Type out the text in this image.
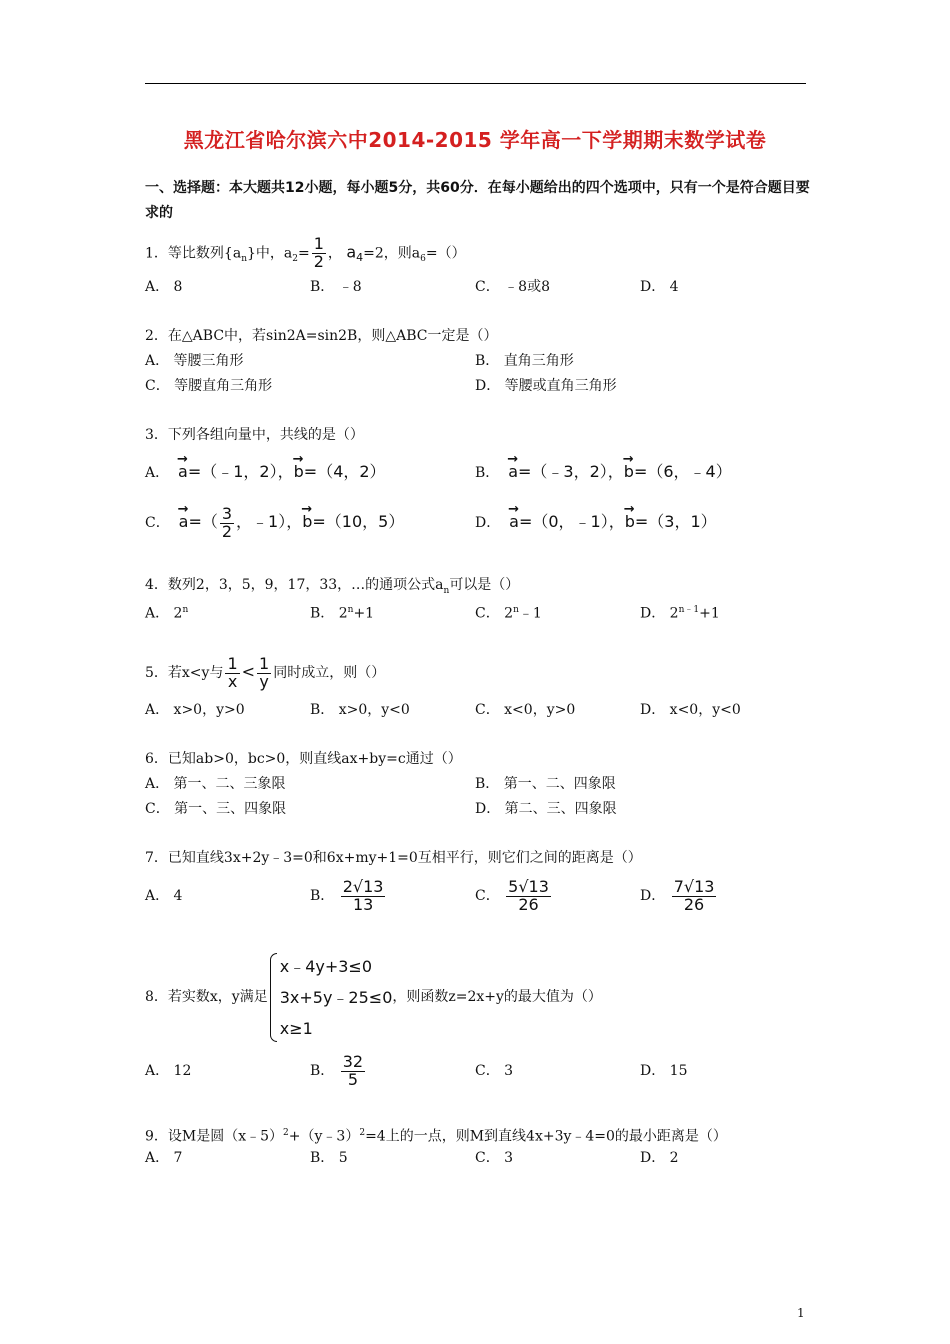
黑龙江省哈尔滨六中2014-2015 学年高一下学期期末数学试卷
一、选择题：本大题共12小题，每小题5分，共60分．在每小题给出的四个选项中，只有一个是符合题目要求的
1．等比数列$\{a_n\}$中，$a_2= \frac{1}{2}$ ， $a_4=2$，则$a_6=()$
A． 8	B． ﹣8	C． ﹣8或8	D． 4
2．在△ABC中，若sin2A=sin2B，则△ABC一定是（）
A． 等腰三角形	B． 直角三角形
C． 等腰直角三角形	D． 等腰或直角三角形
3．下列各组向量中，共线的是（）
A． → a=（﹣1，2），→ b=（4，2）	B． → a=（﹣3，2），→ b=（6，﹣4）
C． → $a=( \frac{3}{2}$ ，﹣1），→ b=（10，5）	D． → a=（0，﹣1），→ b=（3，1）
4．数列2，3，5，9，17，33，…的通项公式$a_n$可以是（）
A． 2$^n$	B． $2^n+1$	C． 2$^n$﹣1	D． $2^{n﹣1}+1$
5．若x<y与 $\frac{1}{x} < \frac{1}{y}$ 同时成立，则（）
A． x>0，y>0	B． x>0，y<0	C． x<0，y>0	D． x<0，y<0
6．已知ab>0，bc>0，则直线ax+by=c通过（）
A． 第一、二、三象限	B． 第一、二、四象限
C． 第一、三、四象限	D． 第二、三、四象限
7．已知直线3x+2y﹣3=0和6x+my+1=0互相平行，则它们之间的距离是（）
A． 4	B． $\frac{2√13}{13}$	C． $\frac{5√13}{26}$	D． $\frac{7√13}{26}$
8．若实数x，y满足
x﹣4y+3≤0
3x+5y﹣25≤0
x≥1
，则函数z=2x+y的最大值为（）
A． 12	B． $\frac{32}{5}$	C． 3	D． 15
9．设M是圆（x﹣5）$^2$+（y﹣3）$^2$=4上的一点，则M到直线4x+3y﹣4=0的最小距离是（）
A． 7	B． 5	C． 3	D． 2
1
